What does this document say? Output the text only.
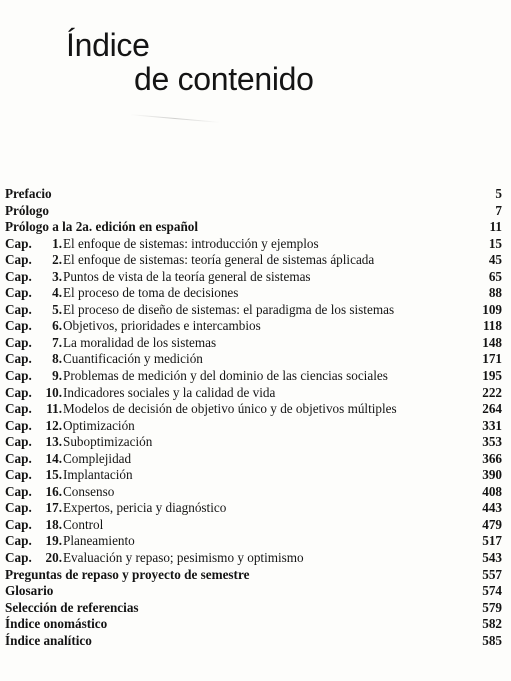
Índice
de contenido
Prefacio	5
Prólogo	7
Prólogo a la 2a. edición en español	11
Cap. 1. El enfoque de sistemas: introducción y ejemplos	15
Cap. 2. El enfoque de sistemas: teoría general de sistemas áplicada	45
Cap. 3. Puntos de vista de la teoría general de sistemas	65
Cap. 4. El proceso de toma de decisiones	88
Cap. 5. El proceso de diseño de sistemas: el paradigma de los sistemas	109
Cap. 6. Objetivos, prioridades e intercambios	118
Cap. 7. La moralidad de los sistemas	148
Cap. 8. Cuantificación y medición	171
Cap. 9. Problemas de medición y del dominio de las ciencias sociales	195
Cap. 10. Indicadores sociales y la calidad de vida	222
Cap. 11. Modelos de decisión de objetivo único y de objetivos múltiples	264
Cap. 12. Optimización	331
Cap. 13. Suboptimización	353
Cap. 14. Complejidad	366
Cap. 15. Implantación	390
Cap. 16. Consenso	408
Cap. 17. Expertos, pericia y diagnóstico	443
Cap. 18. Control	479
Cap. 19. Planeamiento	517
Cap. 20. Evaluación y repaso; pesimismo y optimismo	543
Preguntas de repaso y proyecto de semestre	557
Glosario	574
Selección de referencias	579
Índice onomástico	582
Índice analítico	585
